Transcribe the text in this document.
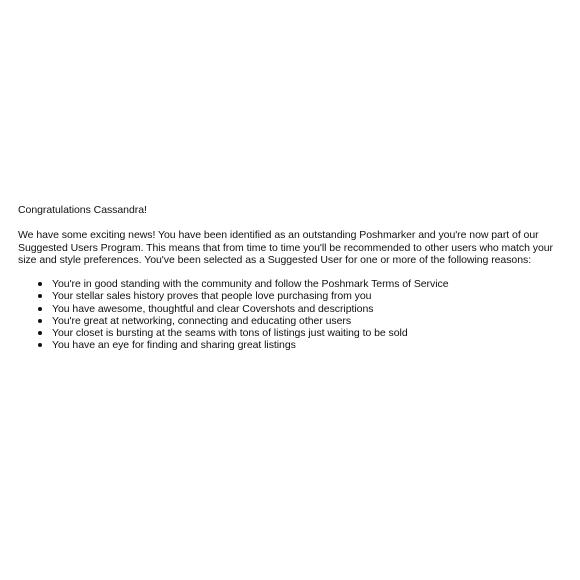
Congratulations Cassandra!

We have some exciting news! You have been identified as an outstanding Poshmarker and you're now part of our Suggested Users Program. This means that from time to time you'll be recommended to other users who match your size and style preferences. You've been selected as a Suggested User for one or more of the following reasons:

You're in good standing with the community and follow the Poshmark Terms of Service
Your stellar sales history proves that people love purchasing from you
You have awesome, thoughtful and clear Covershots and descriptions
You're great at networking, connecting and educating other users
Your closet is bursting at the seams with tons of listings just waiting to be sold
You have an eye for finding and sharing great listings
